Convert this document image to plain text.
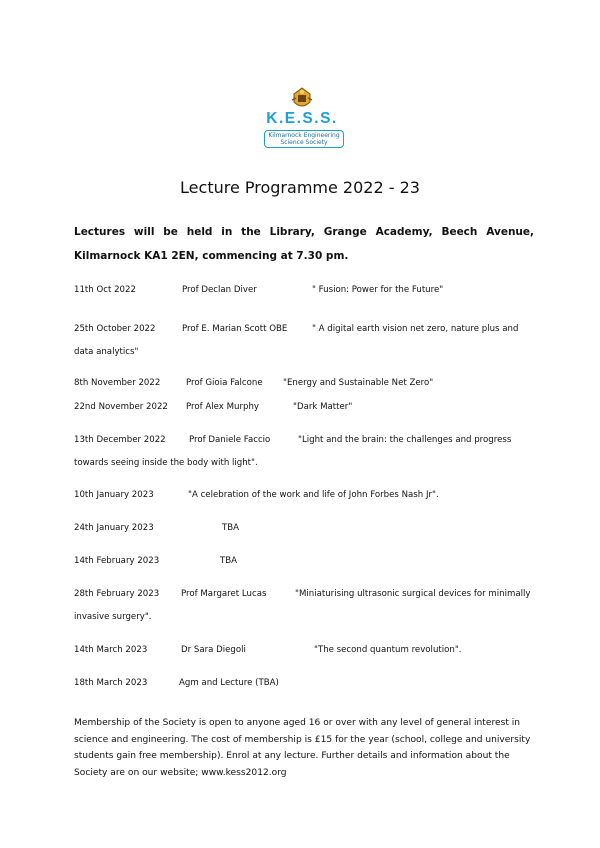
K.E.S.S.
Kilmarnock Engineering
Science Society
Lecture Programme 2022 - 23

Lectures will be held in the Library, Grange Academy, Beech Avenue, Kilmarnock KA1 2EN, commencing at 7.30 pm.

11th Oct 2022	Prof Declan Diver	" Fusion: Power for the Future"
25th October 2022	Prof E. Marian Scott OBE	" A digital earth vision net zero, nature plus and
data analytics"
8th November 2022	Prof Gioia Falcone "Energy and Sustainable Net Zero"
22nd November 2022 Prof Alex Murphy	"Dark Matter"
13th December 2022	Prof Daniele Faccio	"Light and the brain: the challenges and progress
towards seeing inside the body with light".
10th January 2023	"A celebration of the work and life of John Forbes Nash Jr".
24th January 2023	TBA
14th February 2023	TBA
28th February 2023	Prof Margaret Lucas	"Miniaturising ultrasonic surgical devices for minimally
invasive surgery".
14th March 2023	Dr Sara Diegoli	"The second quantum revolution".
18th March 2023	Agm and Lecture (TBA)

Membership of the Society is open to anyone aged 16 or over with any level of general interest in science and engineering. The cost of membership is £15 for the year (school, college and university students gain free membership). Enrol at any lecture. Further details and information about the Society are on our website; www.kess2012.org
